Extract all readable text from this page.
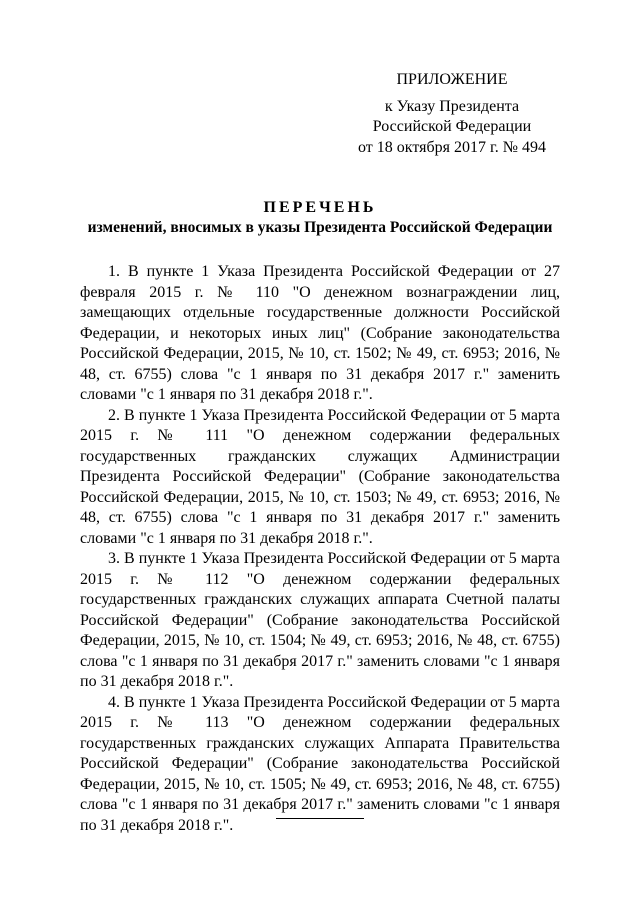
ПРИЛОЖЕНИЕ
к Указу Президента
Российской Федерации
от 18 октября 2017 г. № 494
ПЕРЕЧЕНЬ
изменений, вносимых в указы Президента Российской Федерации

1. В пункте 1 Указа Президента Российской Федерации от 27 февраля 2015 г. № 110 "О денежном вознаграждении лиц, замещающих отдельные государственные должности Российской Федерации, и некоторых иных лиц" (Собрание законодательства Российской Федерации, 2015, № 10, ст. 1502; № 49, ст. 6953; 2016, № 48, ст. 6755) слова "с 1 января по 31 декабря 2017 г." заменить словами "с 1 января по 31 декабря 2018 г.".

2. В пункте 1 Указа Президента Российской Федерации от 5 марта 2015 г. № 111 "О денежном содержании федеральных государственных гражданских служащих Администрации Президента Российской Федерации" (Собрание законодательства Российской Федерации, 2015, № 10, ст. 1503; № 49, ст. 6953; 2016, № 48, ст. 6755) слова "с 1 января по 31 декабря 2017 г." заменить словами "с 1 января по 31 декабря 2018 г.".

3. В пункте 1 Указа Президента Российской Федерации от 5 марта 2015 г. № 112 "О денежном содержании федеральных государственных гражданских служащих аппарата Счетной палаты Российской Федерации" (Собрание законодательства Российской Федерации, 2015, № 10, ст. 1504; № 49, ст. 6953; 2016, № 48, ст. 6755) слова "с 1 января по 31 декабря 2017 г." заменить словами "с 1 января по 31 декабря 2018 г.".

4. В пункте 1 Указа Президента Российской Федерации от 5 марта 2015 г. № 113 "О денежном содержании федеральных государственных гражданских служащих Аппарата Правительства Российской Федерации" (Собрание законодательства Российской Федерации, 2015, № 10, ст. 1505; № 49, ст. 6953; 2016, № 48, ст. 6755) слова "с 1 января по 31 декабря 2017 г." заменить словами "с 1 января по 31 декабря 2018 г.".
